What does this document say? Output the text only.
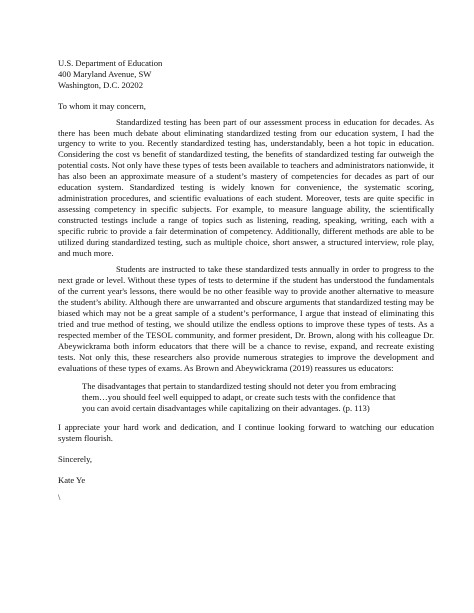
U.S. Department of Education
400 Maryland Avenue, SW
Washington, D.C. 20202
To whom it may concern,

Standardized testing has been part of our assessment process in education for decades. As there has been much debate about eliminating standardized testing from our education system, I had the urgency to write to you. Recently standardized testing has, understandably, been a hot topic in education. Considering the cost vs benefit of standardized testing, the benefits of standardized testing far outweigh the potential costs. Not only have these types of tests been available to teachers and administrators nationwide, it has also been an approximate measure of a student’s mastery of competencies for decades as part of our education system. Standardized testing is widely known for convenience, the systematic scoring, administration procedures, and scientific evaluations of each student. Moreover, tests are quite specific in assessing competency in specific subjects. For example, to measure language ability, the scientifically constructed testings include a range of topics such as listening, reading, speaking, writing, each with a specific rubric to provide a fair determination of competency. Additionally, different methods are able to be utilized during standardized testing, such as multiple choice, short answer, a structured interview, role play, and much more.

Students are instructed to take these standardized tests annually in order to progress to the next grade or level. Without these types of tests to determine if the student has understood the fundamentals of the current year's lessons, there would be no other feasible way to provide another alternative to measure the student’s ability. Although there are unwarranted and obscure arguments that standardized testing may be biased which may not be a great sample of a student’s performance, I argue that instead of eliminating this tried and true method of testing, we should utilize the endless options to improve these types of tests. As a respected member of the TESOL community, and former president, Dr. Brown, along with his colleague Dr. Abeywickrama both inform educators that there will be a chance to revise, expand, and recreate existing tests. Not only this, these researchers also provide numerous strategies to improve the development and evaluations of these types of exams. As Brown and Abeywickrama (2019) reassures us educators:

The disadvantages that pertain to standardized testing should not deter you from embracing them…you should feel well equipped to adapt, or create such tests with the confidence that you can avoid certain disadvantages while capitalizing on their advantages. (p. 113)

I appreciate your hard work and dedication, and I continue looking forward to watching our education system flourish.

Sincerely,
Kate Ye
\
